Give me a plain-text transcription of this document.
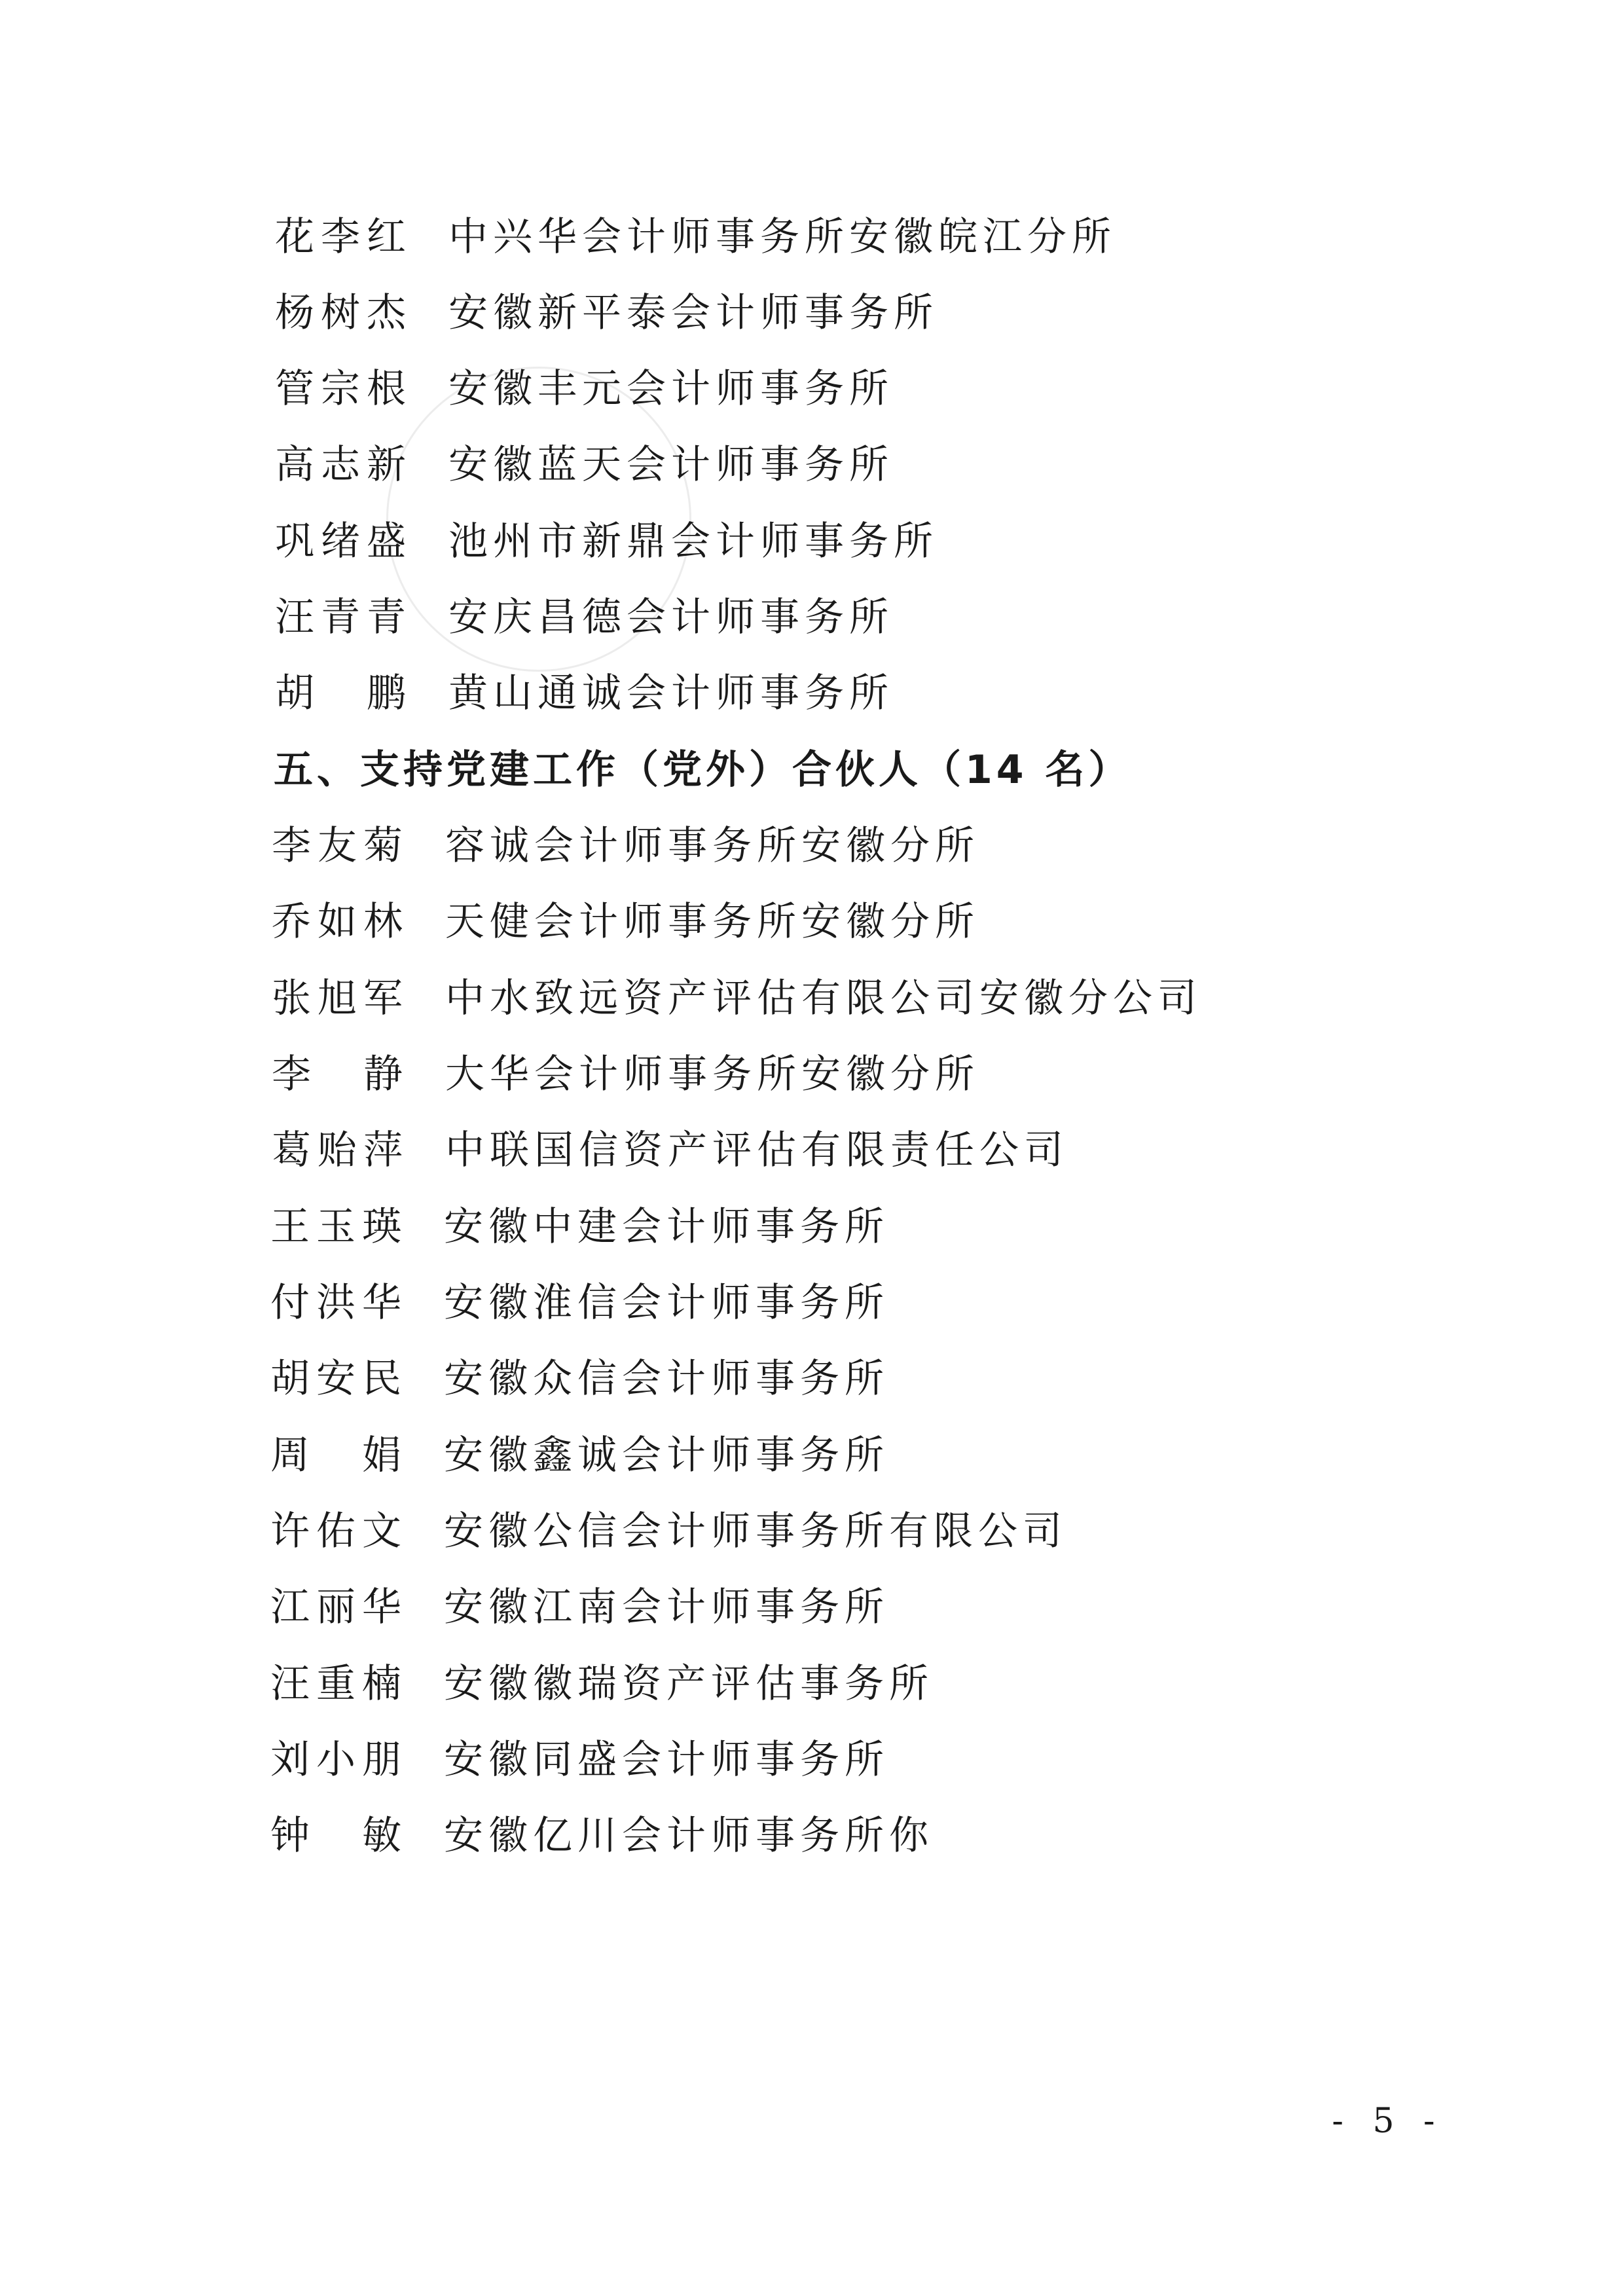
花李红 中兴华会计师事务所安徽皖江分所
杨树杰 安徽新平泰会计师事务所
管宗根 安徽丰元会计师事务所
高志新 安徽蓝天会计师事务所
巩绪盛 池州市新鼎会计师事务所
汪青青 安庆昌德会计师事务所
胡　鹏 黄山通诚会计师事务所
五、支持党建工作（党外）合伙人（14 名）
李友菊 容诚会计师事务所安徽分所
乔如林 天健会计师事务所安徽分所
张旭军 中水致远资产评估有限公司安徽分公司
李　静 大华会计师事务所安徽分所
葛贻萍 中联国信资产评估有限责任公司
王玉瑛 安徽中建会计师事务所
付洪华 安徽淮信会计师事务所
胡安民 安徽众信会计师事务所
周　娟 安徽鑫诚会计师事务所
许佑文 安徽公信会计师事务所有限公司
江丽华 安徽江南会计师事务所
汪重楠 安徽徽瑞资产评估事务所
刘小朋 安徽同盛会计师事务所
钟　敏 安徽亿川会计师事务所你
- 5 -
